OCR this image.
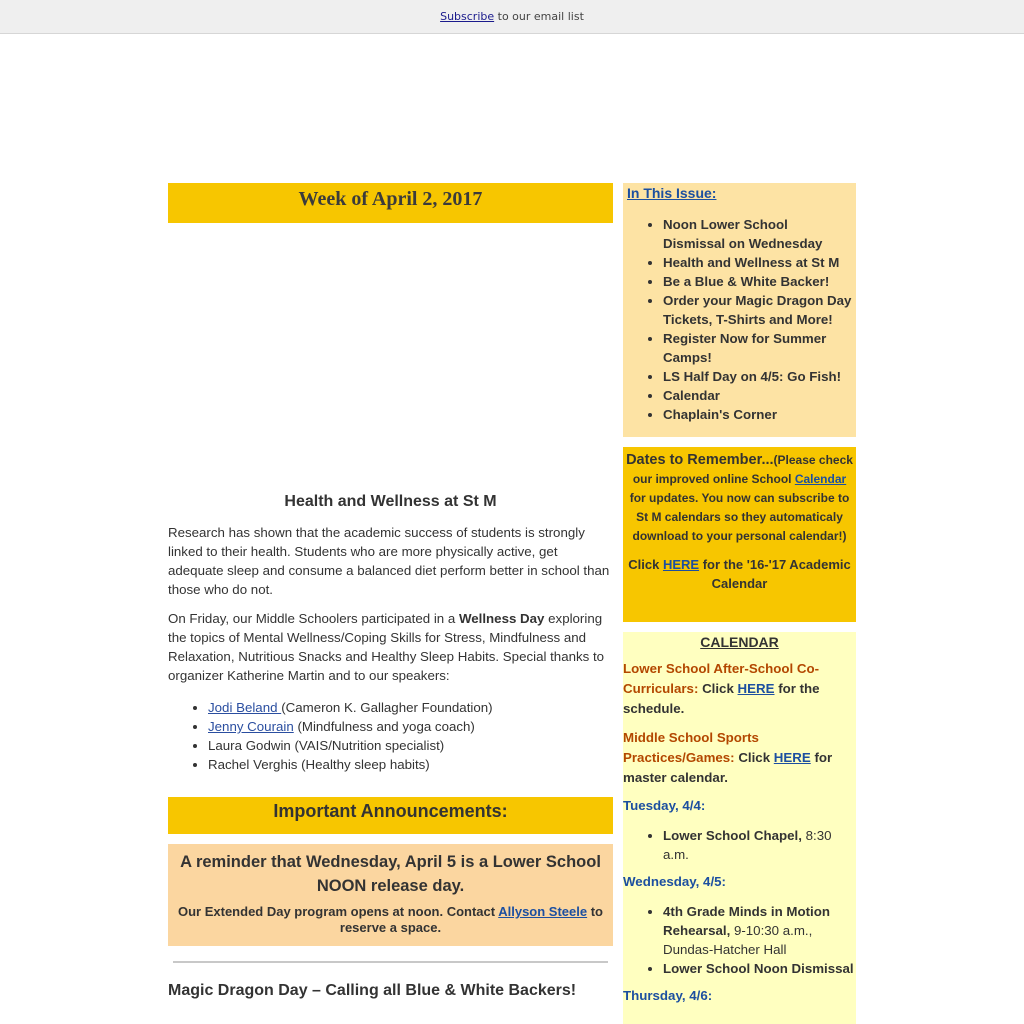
Subscribe to our email list
Week of April 2, 2017
Health and Wellness at St M

Research has shown that the academic success of students is strongly linked to their health. Students who are more physically active, get adequate sleep and consume a balanced diet perform better in school than those who do not.

On Friday, our Middle Schoolers participated in a Wellness Day exploring the topics of Mental Wellness/Coping Skills for Stress, Mindfulness and Relaxation, Nutritious Snacks and Healthy Sleep Habits. Special thanks to organizer Katherine Martin and to our speakers:

• Jodi Beland (Cameron K. Gallagher Foundation)
• Jenny Courain (Mindfulness and yoga coach)
• Laura Godwin (VAIS/Nutrition specialist)
• Rachel Verghis (Healthy sleep habits)
Important Announcements:
A reminder that Wednesday, April 5 is a Lower School NOON release day.
Our Extended Day program opens at noon. Contact Allyson Steele to reserve a space.
Magic Dragon Day – Calling all Blue & White Backers!
In This Issue:
• Noon Lower School Dismissal on Wednesday
• Health and Wellness at St M
• Be a Blue & White Backer!
• Order your Magic Dragon Day Tickets, T-Shirts and More!
• Register Now for Summer Camps!
• LS Half Day on 4/5: Go Fish!
• Calendar
• Chaplain's Corner
Dates to Remember...(Please check our improved online School Calendar for updates. You now can subscribe to St M calendars so they automaticaly download to your personal calendar!)
Click HERE for the '16-'17 Academic Calendar
CALENDAR
Lower School After-School Co-Curriculars: Click HERE for the schedule.
Middle School Sports Practices/Games: Click HERE for master calendar.
Tuesday, 4/4:
• Lower School Chapel, 8:30 a.m.
Wednesday, 4/5:
• 4th Grade Minds in Motion Rehearsal, 9-10:30 a.m., Dundas-Hatcher Hall
• Lower School Noon Dismissal
Thursday, 4/6:
